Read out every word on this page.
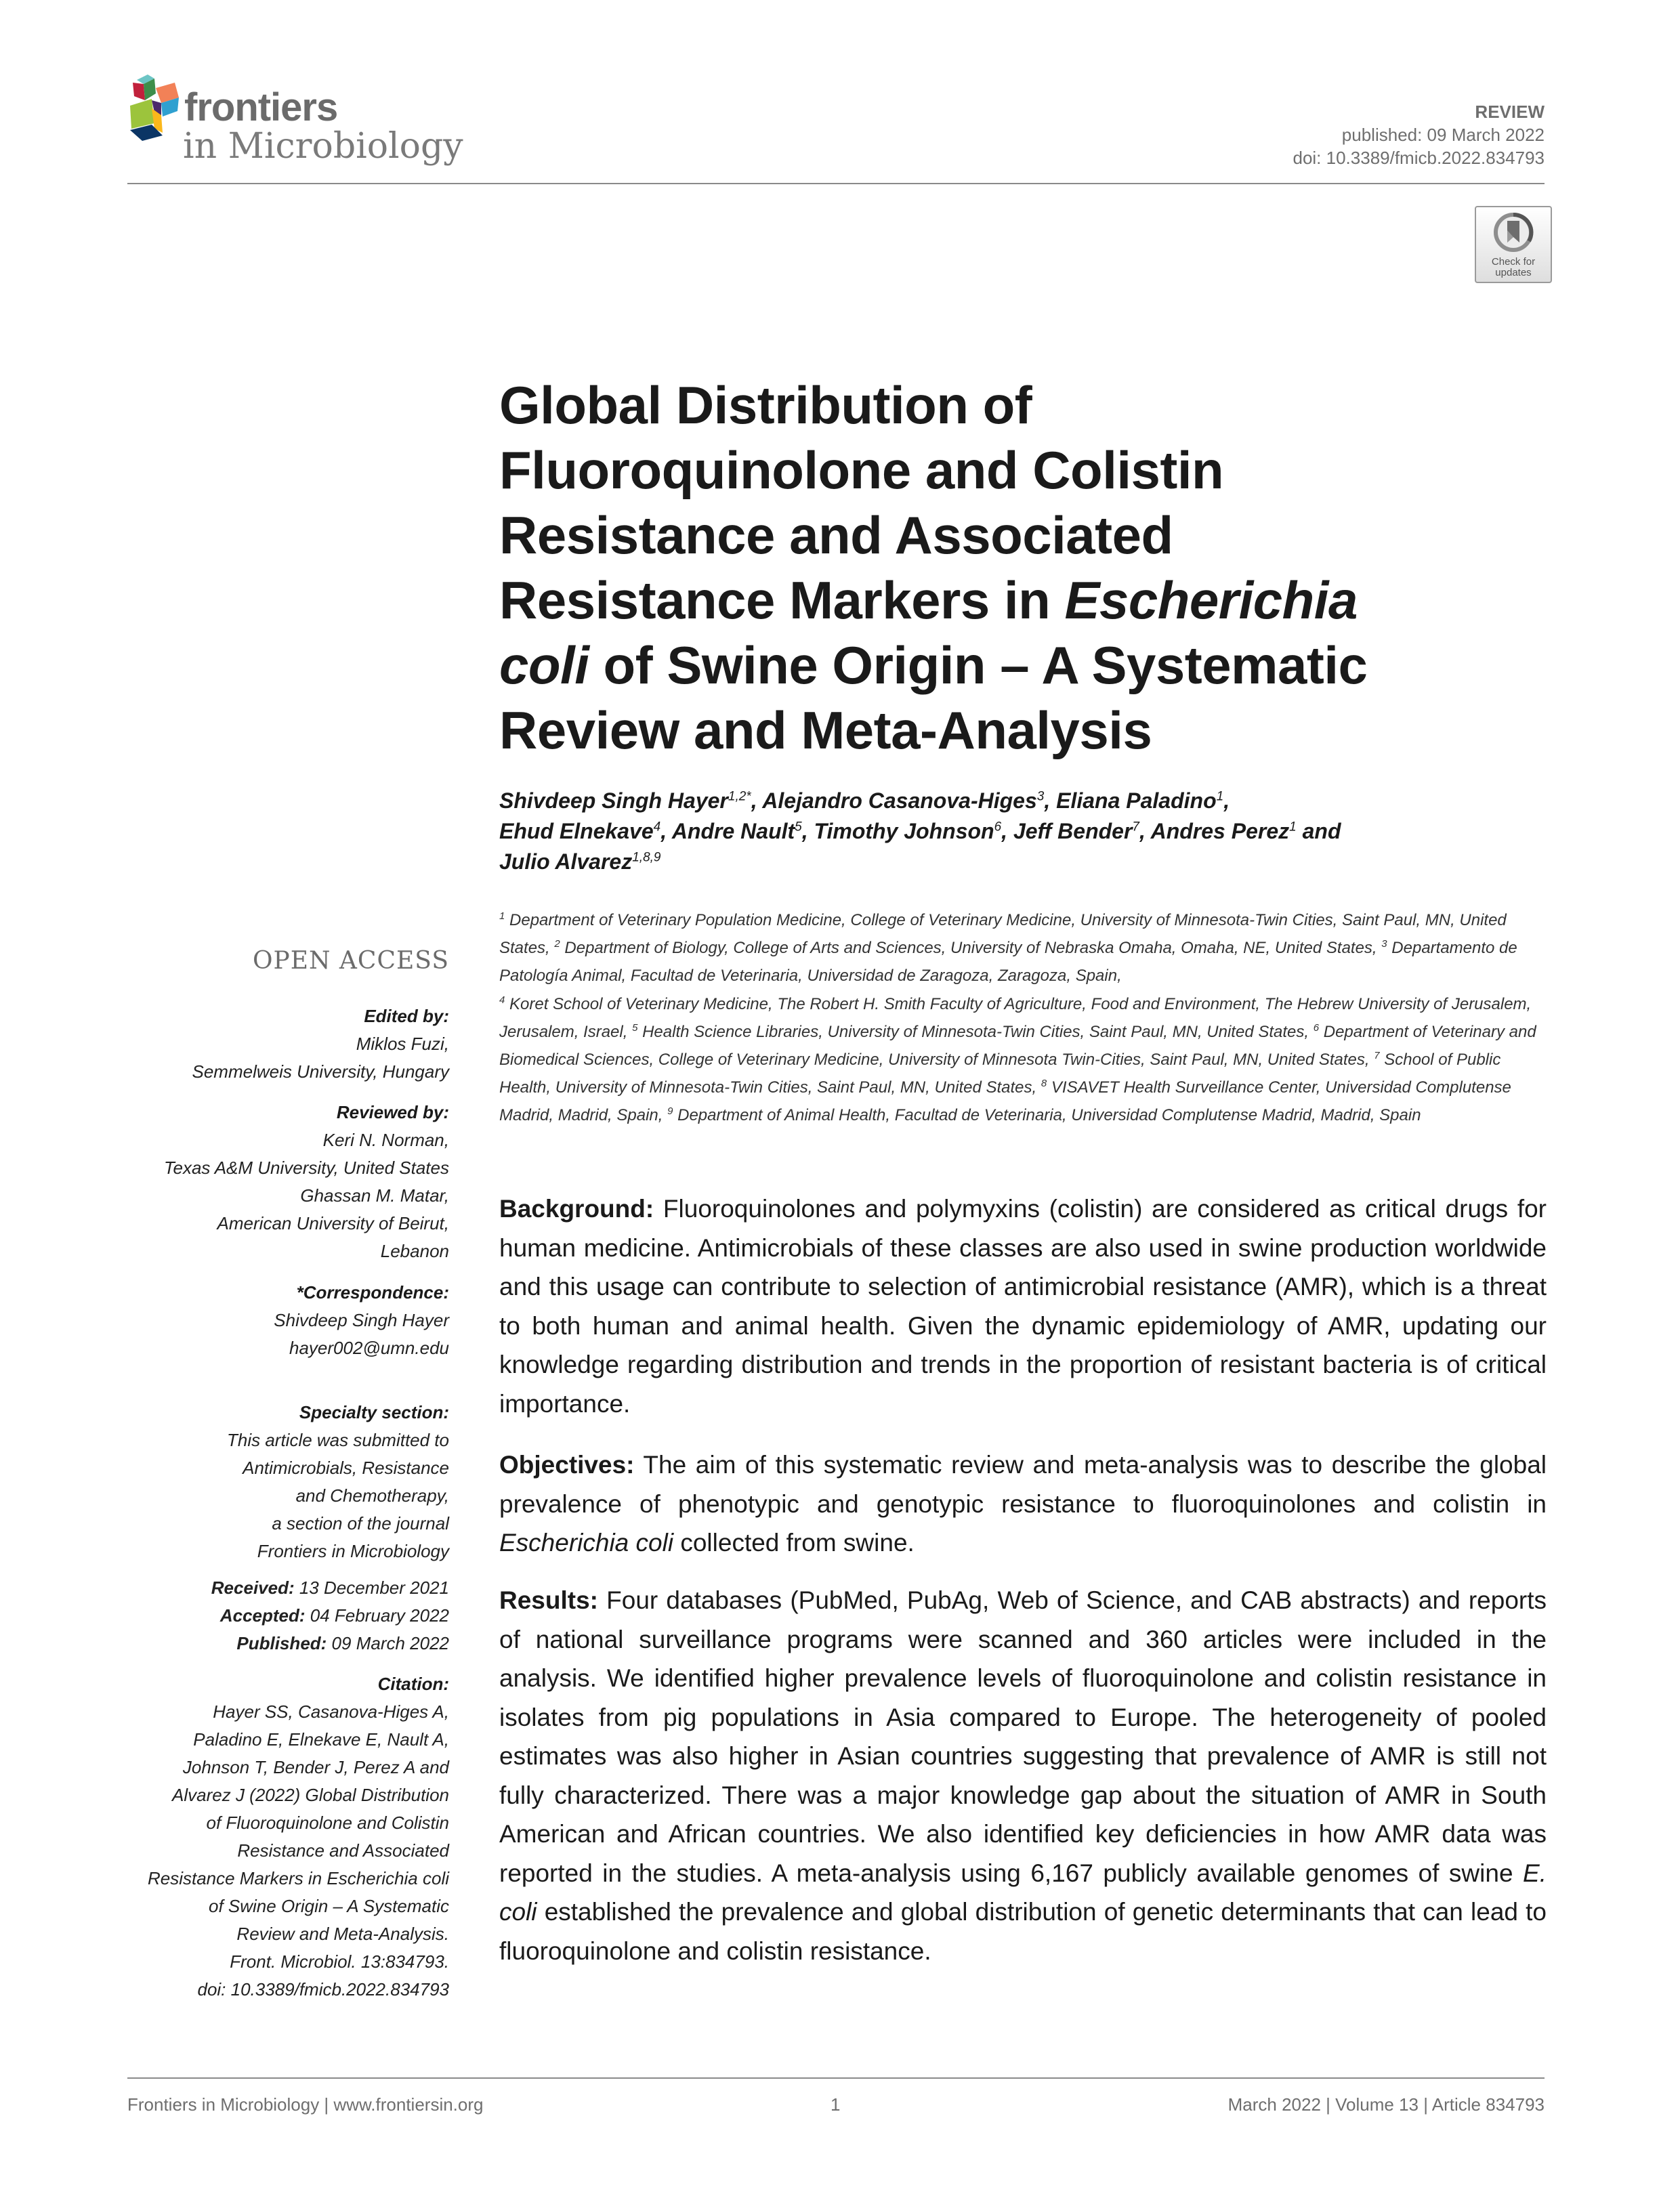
frontiers
in Microbiology
REVIEW
published: 09 March 2022
doi: 10.3389/fmicb.2022.834793
Check for
updates
Global Distribution of
Fluoroquinolone and Colistin
Resistance and Associated
Resistance Markers in Escherichia
coli of Swine Origin – A Systematic
Review and Meta-Analysis
Shivdeep Singh Hayer$^{1,2*}$, Alejandro Casanova-Higes$^3$, Eliana Paladino$^1$,
Ehud Elnekave$^4$, Andre Nault$^5$, Timothy Johnson$^6$, Jeff Bender$^7$, Andres Perez$^1$ and
Julio Alvarez$^{1,8,9}$
$^1$ Department of Veterinary Population Medicine, College of Veterinary Medicine, University of Minnesota-Twin Cities, Saint Paul, MN, United States, $^2$ Department of Biology, College of Arts and Sciences, University of Nebraska Omaha, Omaha, NE, United States, $^3$ Departamento de Patología Animal, Facultad de Veterinaria, Universidad de Zaragoza, Zaragoza, Spain,
$^4$ Koret School of Veterinary Medicine, The Robert H. Smith Faculty of Agriculture, Food and Environment, The Hebrew University of Jerusalem, Jerusalem, Israel, $^5$ Health Science Libraries, University of Minnesota-Twin Cities, Saint Paul, MN, United States, $^6$ Department of Veterinary and Biomedical Sciences, College of Veterinary Medicine, University of Minnesota Twin-Cities, Saint Paul, MN, United States, $^7$ School of Public Health, University of Minnesota-Twin Cities, Saint Paul, MN, United States, $^8$ VISAVET Health Surveillance Center, Universidad Complutense Madrid, Madrid, Spain, $^9$ Department of Animal Health, Facultad de Veterinaria, Universidad Complutense Madrid, Madrid, Spain
OPEN ACCESS
Edited by:
Miklos Fuzi,
Semmelweis University, Hungary
Reviewed by:
Keri N. Norman,
Texas A&M University, United States
Ghassan M. Matar,
American University of Beirut,
Lebanon
*Correspondence:
Shivdeep Singh Hayer
hayer002@umn.edu
Specialty section:
This article was submitted to
Antimicrobials, Resistance
and Chemotherapy,
a section of the journal
Frontiers in Microbiology
Received: 13 December 2021
Accepted: 04 February 2022
Published: 09 March 2022
Citation:
Hayer SS, Casanova-Higes A,
Paladino E, Elnekave E, Nault A,
Johnson T, Bender J, Perez A and
Alvarez J (2022) Global Distribution
of Fluoroquinolone and Colistin
Resistance and Associated
Resistance Markers in Escherichia coli
of Swine Origin – A Systematic
Review and Meta-Analysis.
Front. Microbiol. 13:834793.
doi: 10.3389/fmicb.2022.834793

Background: Fluoroquinolones and polymyxins (colistin) are considered as critical drugs for human medicine. Antimicrobials of these classes are also used in swine production worldwide and this usage can contribute to selection of antimicrobial resistance (AMR), which is a threat to both human and animal health. Given the dynamic epidemiology of AMR, updating our knowledge regarding distribution and trends in the proportion of resistant bacteria is of critical importance.

Objectives: The aim of this systematic review and meta-analysis was to describe the global prevalence of phenotypic and genotypic resistance to fluoroquinolones and colistin in Escherichia coli collected from swine.

Results: Four databases (PubMed, PubAg, Web of Science, and CAB abstracts) and reports of national surveillance programs were scanned and 360 articles were included in the analysis. We identified higher prevalence levels of fluoroquinolone and colistin resistance in isolates from pig populations in Asia compared to Europe. The heterogeneity of pooled estimates was also higher in Asian countries suggesting that prevalence of AMR is still not fully characterized. There was a major knowledge gap about the situation of AMR in South American and African countries. We also identified key deficiencies in how AMR data was reported in the studies. A meta-analysis using 6,167 publicly available genomes of swine E. coli established the prevalence and global distribution of genetic determinants that can lead to fluoroquinolone and colistin resistance.

Frontiers in Microbiology | www.frontiersin.org	1	March 2022 | Volume 13 | Article 834793
